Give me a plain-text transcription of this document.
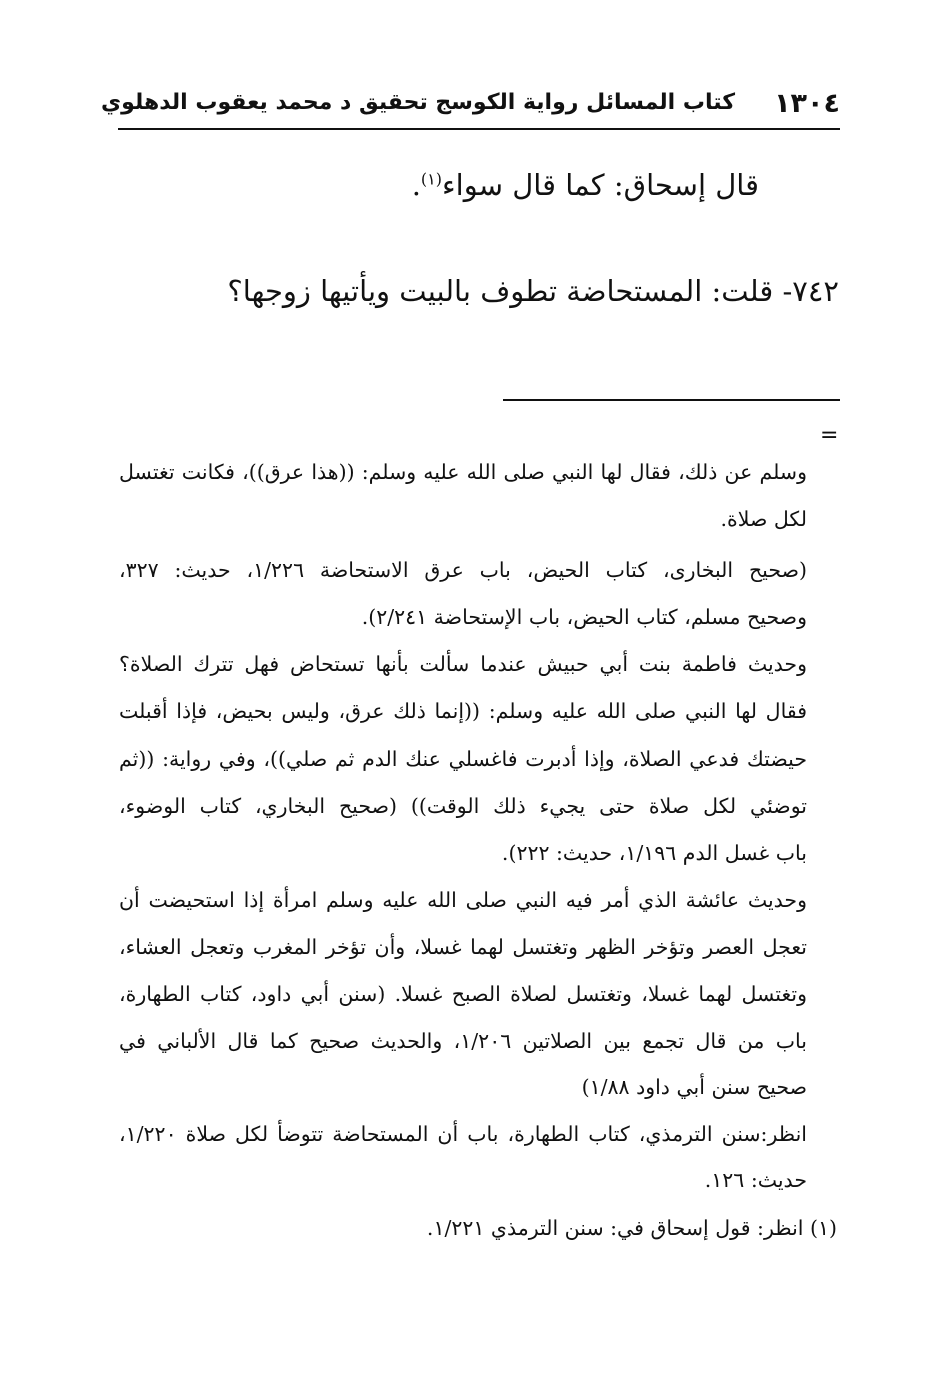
١٣٠٤
كتاب المسائل رواية الكوسج تحقيق د محمد يعقوب الدهلوي
قال إسحاق: كما قال سواء$^{(١)}$.
٧٤٢- قلت: المستحاضة تطوف بالبيت ويأتيها زوجها؟
=
وسلم عن ذلك، فقال لها النبي صلى الله عليه وسلم: ((هذا عرق))، فكانت تغتسل
لكل صلاة.
(صحيح البخارى، كتاب الحيض، باب عرق الاستحاضة ١/٢٢٦، حديث: ٣٢٧،
وصحيح مسلم، كتاب الحيض، باب الإستحاضة ٢/٢٤١).
وحديث فاطمة بنت أبي حبيش عندما سألت بأنها تستحاض فهل تترك الصلاة؟
فقال لها النبي صلى الله عليه وسلم: ((إنما ذلك عرق، وليس بحيض، فإذا أقبلت
حيضتك فدعي الصلاة، وإذا أدبرت فاغسلي عنك الدم ثم صلي))، وفي رواية: ((ثم
توضئي لكل صلاة حتى يجيء ذلك الوقت)) (صحيح البخاري، كتاب الوضوء،
باب غسل الدم ١/١٩٦، حديث: ٢٢٢).
وحديث عائشة الذي أمر فيه النبي صلى الله عليه وسلم امرأة إذا استحيضت أن
تعجل العصر وتؤخر الظهر وتغتسل لهما غسلا، وأن تؤخر المغرب وتعجل العشاء،
وتغتسل لهما غسلا، وتغتسل لصلاة الصبح غسلا. (سنن أبي داود، كتاب الطهارة،
باب من قال تجمع بين الصلاتين ١/٢٠٦، والحديث صحيح كما قال الألباني في
صحيح سنن أبي داود ١/٨٨)
انظر:سنن الترمذي، كتاب الطهارة، باب أن المستحاضة تتوضأ لكل صلاة ١/٢٢٠،
حديث: ١٢٦.
(١) انظر: قول إسحاق في: سنن الترمذي ١/٢٢١.
